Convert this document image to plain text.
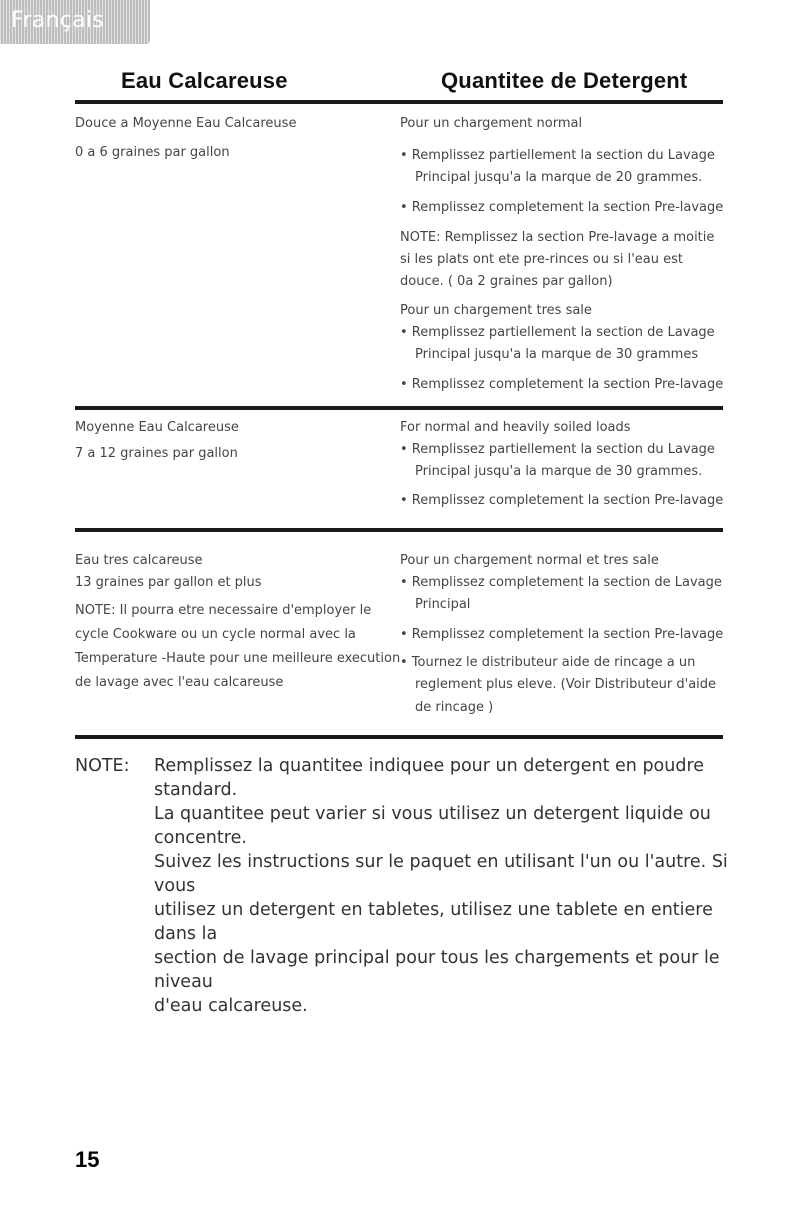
Français
Eau Calcareuse	Quantitee de Detergent
Douce a Moyenne Eau Calcareuse
0 a 6 graines par gallon
Pour un chargement normal
• Remplissez partiellement la section du Lavage
Principal jusqu'a la marque de 20 grammes.
• Remplissez completement la section Pre-lavage
NOTE: Remplissez la section Pre-lavage a moitie
si les plats ont ete pre-rinces ou si l'eau est
douce. ( 0a 2 graines par gallon)
Pour un chargement tres sale
• Remplissez partiellement la section de Lavage
Principal jusqu'a la marque de 30 grammes
• Remplissez completement la section Pre-lavage
Moyenne Eau Calcareuse
7 a 12 graines par gallon
For normal and heavily soiled loads
• Remplissez partiellement la section du Lavage
Principal jusqu'a la marque de 30 grammes.
• Remplissez completement la section Pre-lavage
Eau tres calcareuse
13 graines par gallon et plus
NOTE: Il pourra etre necessaire d'employer le
cycle Cookware ou un cycle normal avec la
Temperature -Haute pour une meilleure execution
de lavage avec l'eau calcareuse
Pour un chargement normal et tres sale
• Remplissez completement la section de Lavage
Principal
• Remplissez completement la section Pre-lavage
• Tournez le distributeur aide de rincage a un
reglement plus eleve. (Voir Distributeur d'aide
de rincage )
NOTE: Remplissez la quantitee indiquee pour un detergent en poudre standard.
La quantitee peut varier si vous utilisez un detergent liquide ou concentre.
Suivez les instructions sur le paquet en utilisant l'un ou l'autre. Si vous
utilisez un detergent en tabletes, utilisez une tablete en entiere dans la
section de lavage principal pour tous les chargements et pour le niveau
d'eau calcareuse.
15
